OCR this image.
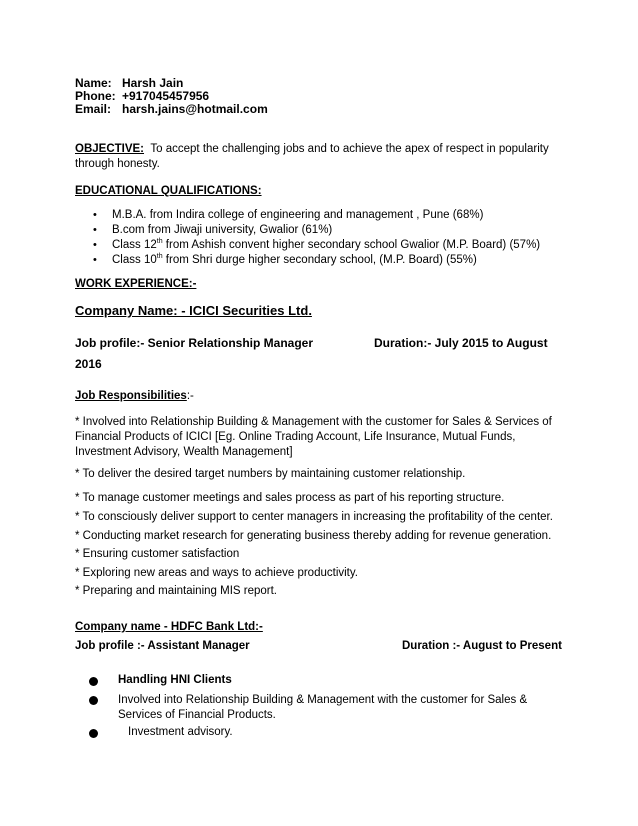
Name: Harsh Jain
Phone: +917045457956
Email: harsh.jains@hotmail.com
OBJECTIVE: To accept the challenging jobs and to achieve the apex of respect in popularity
through honesty.
EDUCATIONAL QUALIFICATIONS:
• M.B.A. from Indira college of engineering and management , Pune (68%)
• B.com from Jiwaji university, Gwalior (61%)
• Class 12th from Ashish convent higher secondary school Gwalior (M.P. Board) (57%)
• Class 10th from Shri durge higher secondary school, (M.P. Board) (55%)
WORK EXPERIENCE:-
Company Name: - ICICI Securities Ltd.
Job profile:- Senior Relationship Manager	Duration:- July 2015 to August
2016
Job Responsibilities:-
* Involved into Relationship Building & Management with the customer for Sales & Services of Financial Products of ICICI [Eg. Online Trading Account, Life Insurance, Mutual Funds, Investment Advisory, Wealth Management]
* To deliver the desired target numbers by maintaining customer relationship.
* To manage customer meetings and sales process as part of his reporting structure.
* To consciously deliver support to center managers in increasing the profitability of the center.
* Conducting market research for generating business thereby adding for revenue generation.
* Ensuring customer satisfaction
* Exploring new areas and ways to achieve productivity.
* Preparing and maintaining MIS report.
Company name - HDFC Bank Ltd:-
Job profile :- Assistant Manager	Duration :- August to Present
Handling HNI Clients
Involved into Relationship Building & Management with the customer for Sales & Services of Financial Products.
Investment advisory.
